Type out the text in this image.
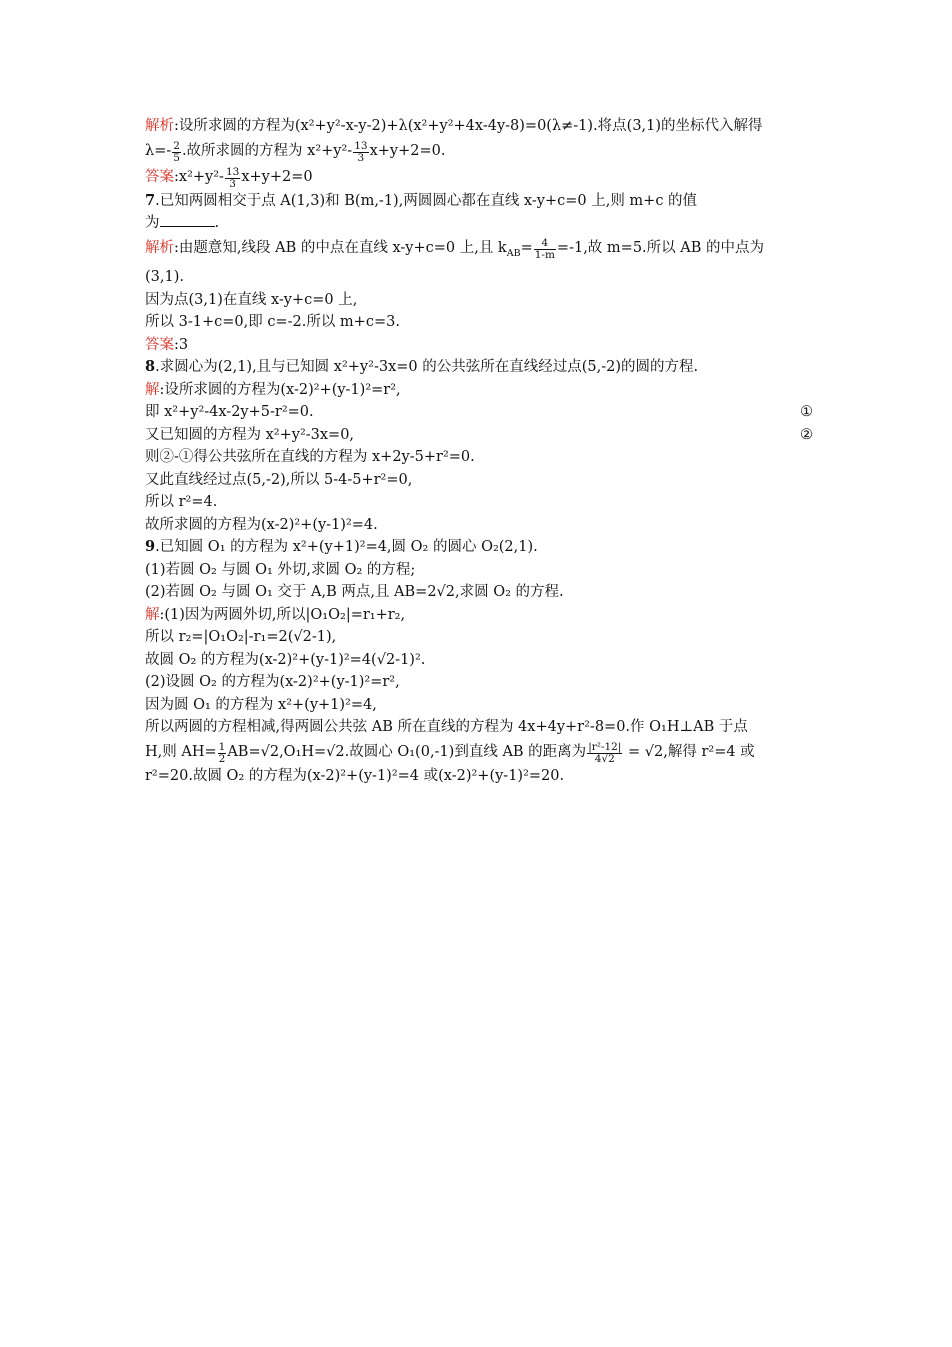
解析:设所求圆的方程为(x²+y²-x-y-2)+λ(x²+y²+4x-4y-8)=0(λ≠-1).将点(3,1)的坐标代入解得
$\lambda=- \frac{2}{5}$ .故所求圆的方程为 $x^2+y^2- \frac{13}{3} x+y+2=0$.
答案:x²+y²- $\frac{13}{3} x+y+2=0$
7.已知两圆相交于点 A(1,3)和 B(m,-1),两圆圆心都在直线 x-y+c=0 上,则 m+c 的值
为	.
解析:由题意知,线段 AB 的中点在直线 x-y+c=0 上,且 $k_{AB}= \frac{4}{1-m} =-1$,故 m=5.所以 AB 的中点为
(3,1).
因为点(3,1)在直线 x-y+c=0 上,
所以 3-1+c=0,即 c=-2.所以 m+c=3.
答案:3
8.求圆心为(2,1),且与已知圆 x²+y²-3x=0 的公共弦所在直线经过点(5,-2)的圆的方程.
解:设所求圆的方程为(x-2)²+(y-1)²=r²,
即 x²+y²-4x-2y+5-r²=0.	①
又已知圆的方程为 x²+y²-3x=0,	②
则②-①得公共弦所在直线的方程为 x+2y-5+r²=0.
又此直线经过点(5,-2),所以 5-4-5+r²=0,
所以 r²=4.
故所求圆的方程为(x-2)²+(y-1)²=4.
9.已知圆 O₁ 的方程为 x²+(y+1)²=4,圆 O₂ 的圆心 O₂(2,1).
(1)若圆 O₂ 与圆 O₁ 外切,求圆 O₂ 的方程;
(2)若圆 O₂ 与圆 O₁ 交于 A,B 两点,且 AB=2√2,求圆 O₂ 的方程.
解:(1)因为两圆外切,所以|O₁O₂|=r₁+r₂,
所以 r₂=|O₁O₂|-r₁=2(√2-1),
故圆 O₂ 的方程为(x-2)²+(y-1)²=4(√2-1)².
(2)设圆 O₂ 的方程为(x-2)²+(y-1)²=r²,
因为圆 O₁ 的方程为 x²+(y+1)²=4,
所以两圆的方程相减,得两圆公共弦 AB 所在直线的方程为 4x+4y+r²-8=0.作 O₁H⊥AB 于点
H,则 $AH= \frac{1}{2} AB=√2,O_1H=√2$.故圆心 O₁(0,-1)到直线 AB 的距离为 $\frac{\text{|r²-12|}}{4√2} = √2$,解得 r²=4 或
r²=20.故圆 O₂ 的方程为(x-2)²+(y-1)²=4 或(x-2)²+(y-1)²=20.
